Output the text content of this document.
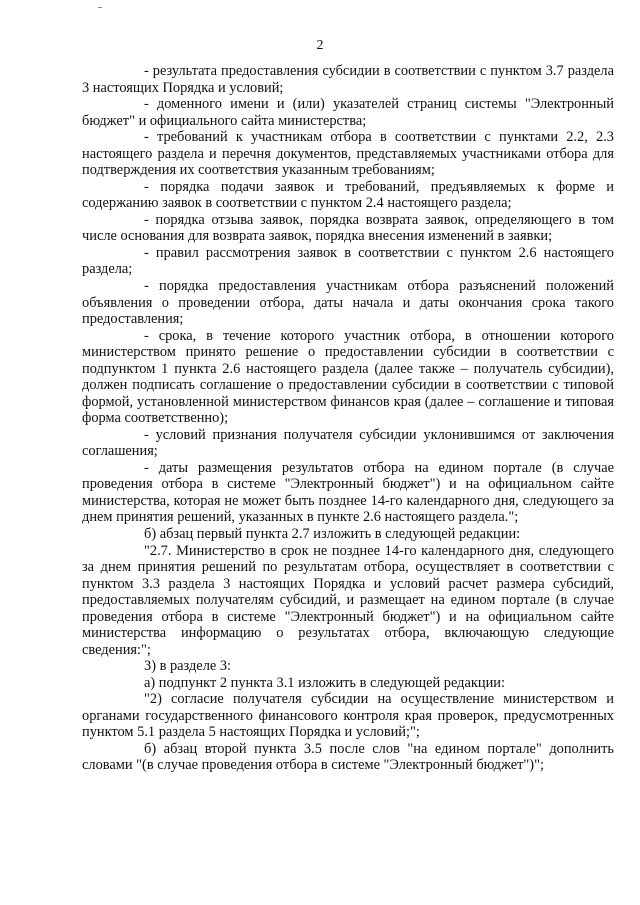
2

- результата предоставления субсидии в соответствии с пунктом 3.7 раздела 3 настоящих Порядка и условий;

- доменного имени и (или) указателей страниц системы "Электронный бюджет" и официального сайта министерства;

- требований к участникам отбора в соответствии с пунктами 2.2, 2.3 настоящего раздела и перечня документов, представляемых участниками отбора для подтверждения их соответствия указанным требованиям;

- порядка подачи заявок и требований, предъявляемых к форме и содержанию заявок в соответствии с пунктом 2.4 настоящего раздела;

- порядка отзыва заявок, порядка возврата заявок, определяющего в том числе основания для возврата заявок, порядка внесения изменений в заявки;

- правил рассмотрения заявок в соответствии с пунктом 2.6 настоящего раздела;

- порядка предоставления участникам отбора разъяснений положений объявления о проведении отбора, даты начала и даты окончания срока такого предоставления;

- срока, в течение которого участник отбора, в отношении которого министерством принято решение о предоставлении субсидии в соответствии с подпунктом 1 пункта 2.6 настоящего раздела (далее также – получатель субсидии), должен подписать соглашение о предоставлении субсидии в соответствии с типовой формой, установленной министерством финансов края (далее – соглашение и типовая форма соответственно);

- условий признания получателя субсидии уклонившимся от заключения соглашения;

- даты размещения результатов отбора на едином портале (в случае проведения отбора в системе "Электронный бюджет") и на официальном сайте министерства, которая не может быть позднее 14-го календарного дня, следующего за днем принятия решений, указанных в пункте 2.6 настоящего раздела.";

б) абзац первый пункта 2.7 изложить в следующей редакции:

"2.7. Министерство в срок не позднее 14-го календарного дня, следующего за днем принятия решений по результатам отбора, осуществляет в соответствии с пунктом 3.3 раздела 3 настоящих Порядка и условий расчет размера субсидий, предоставляемых получателям субсидий, и размещает на едином портале (в случае проведения отбора в системе "Электронный бюджет") и на официальном сайте министерства информацию о результатах отбора, включающую следующие сведения:";

3) в разделе 3:

а) подпункт 2 пункта 3.1 изложить в следующей редакции:

"2) согласие получателя субсидии на осуществление министерством и органами государственного финансового контроля края проверок, предусмотренных пунктом 5.1 раздела 5 настоящих Порядка и условий;";

б) абзац второй пункта 3.5 после слов "на едином портале" дополнить словами "(в случае проведения отбора в системе "Электронный бюджет")";
